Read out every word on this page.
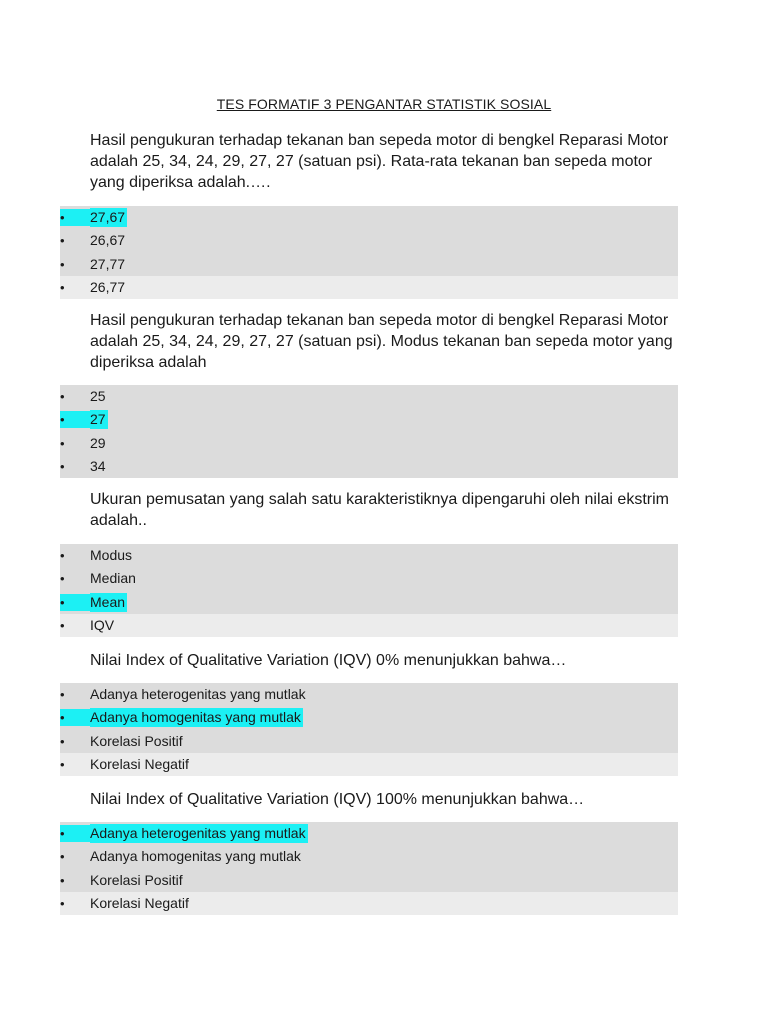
TES FORMATIF 3 PENGANTAR STATISTIK SOSIAL

Hasil pengukuran terhadap tekanan ban sepeda motor di bengkel Reparasi Motor adalah 25, 34, 24, 29, 27, 27 (satuan psi). Rata-rata tekanan ban sepeda motor yang diperiksa adalah.….

• 27,67
• 26,67
• 27,77
• 26,77

Hasil pengukuran terhadap tekanan ban sepeda motor di bengkel Reparasi Motor adalah 25, 34, 24, 29, 27, 27 (satuan psi). Modus tekanan ban sepeda motor yang diperiksa adalah

• 25
• 27
• 29
• 34

Ukuran pemusatan yang salah satu karakteristiknya dipengaruhi oleh nilai ekstrim adalah..

• Modus
• Median
• Mean
• IQV

Nilai Index of Qualitative Variation (IQV) 0% menunjukkan bahwa…

• Adanya heterogenitas yang mutlak
• Adanya homogenitas yang mutlak
• Korelasi Positif
• Korelasi Negatif

Nilai Index of Qualitative Variation (IQV) 100% menunjukkan bahwa…

• Adanya heterogenitas yang mutlak
• Adanya homogenitas yang mutlak
• Korelasi Positif
• Korelasi Negatif
